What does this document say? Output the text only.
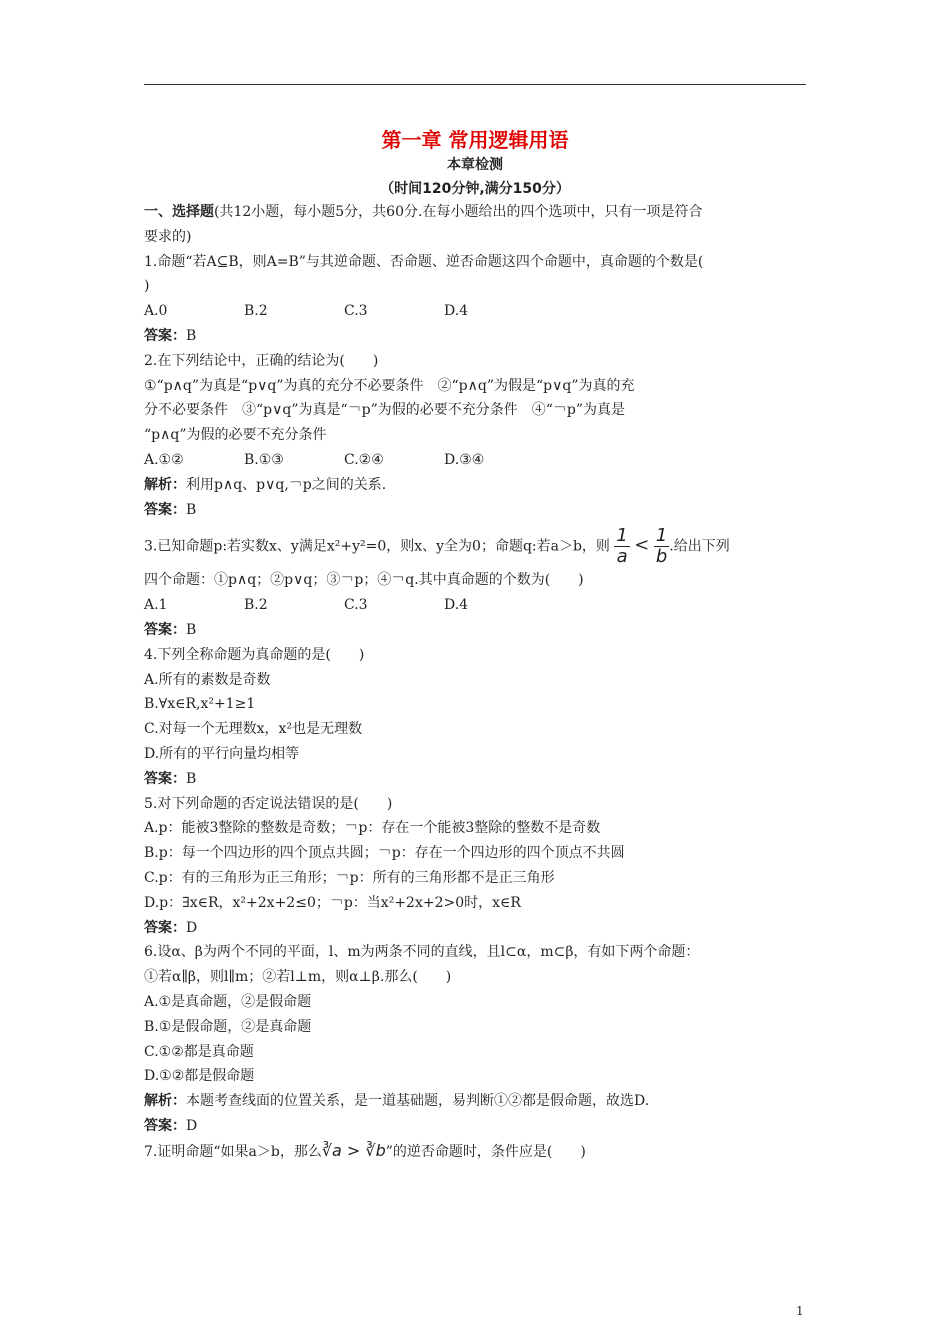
第一章 常用逻辑用语
本章检测
（时间120分钟,满分150分）
一、选择题(共12小题，每小题5分，共60分.在每小题给出的四个选项中，只有一项是符合
要求的)
1.命题“若A⊆B，则A=B”与其逆命题、否命题、逆否命题这四个命题中，真命题的个数是(
)
A.0	B.2	C.3	D.4
答案：B
2.在下列结论中，正确的结论为(　　)
①“p∧q”为真是“p∨q”为真的充分不必要条件　②“p∧q”为假是“p∨q”为真的充
分不必要条件　③“p∨q”为真是“￢p”为假的必要不充分条件　④“￢p”为真是
“p∧q”为假的必要不充分条件
A.①②	B.①③	C.②④	D.③④
解析：利用p∧q、p∨q,￢p之间的关系.
答案：B
3.已知命题p:若实数x、y满足x²+y²=0，则x、y全为0；命题q:若a＞b，则 $\frac{1}{a} < \frac{1}{b}$ .给出下列
四个命题：①p∧q；②p∨q；③￢p；④￢q.其中真命题的个数为(　　)
A.1	B.2	C.3	D.4
答案：B
4.下列全称命题为真命题的是(　　)
A.所有的素数是奇数
B.∀x∈R,x²+1≥1
C.对每一个无理数x，x²也是无理数
D.所有的平行向量均相等
答案：B
5.对下列命题的否定说法错误的是(　　)
A.p：能被3整除的整数是奇数；￢p：存在一个能被3整除的整数不是奇数
B.p：每一个四边形的四个顶点共圆；￢p：存在一个四边形的四个顶点不共圆
C.p：有的三角形为正三角形；￢p：所有的三角形都不是正三角形
D.p：∃x∈R，x²+2x+2≤0；￢p：当x²+2x+2>0时，x∈R
答案：D
6.设α、β为两个不同的平面，l、m为两条不同的直线，且l⊂α，m⊂β，有如下两个命题：
①若α∥β，则l∥m；②若l⊥m，则α⊥β.那么(　　)
A.①是真命题，②是假命题
B.①是假命题，②是真命题
C.①②都是真命题
D.①②都是假命题
解析：本题考查线面的位置关系，是一道基础题，易判断①②都是假命题，故选D.
答案：D
7.证明命题“如果a＞b，那么∛a > ∛b”的逆否命题时，条件应是(　　)
1
